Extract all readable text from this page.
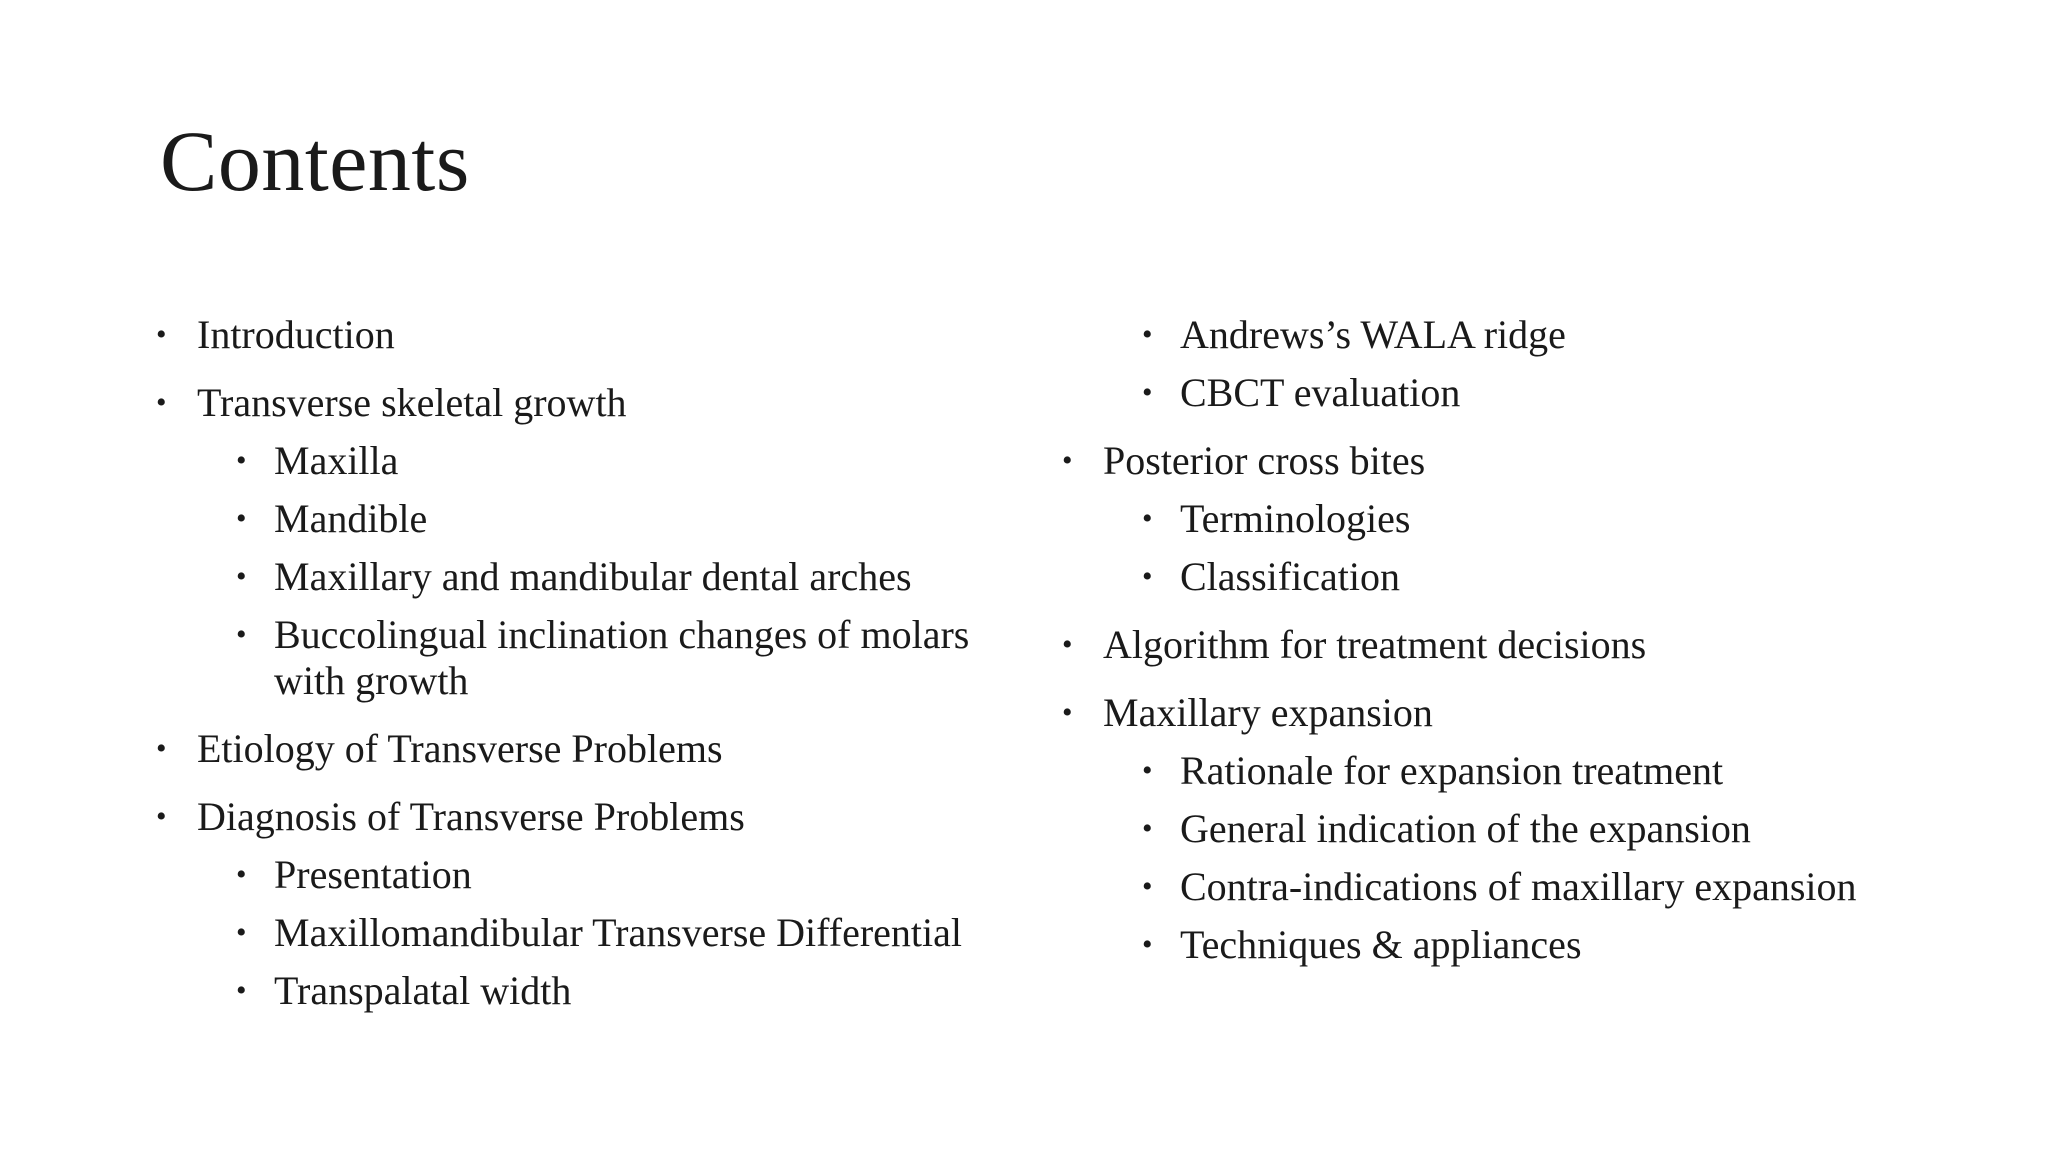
Contents
• Introduction
• Transverse skeletal growth
• Maxilla
• Mandible
• Maxillary and mandibular dental arches
• Buccolingual inclination changes of molars with growth
• Etiology of Transverse Problems
• Diagnosis of Transverse Problems
• Presentation
• Maxillomandibular Transverse Differential
• Transpalatal width
• Andrews’s WALA ridge
• CBCT evaluation
• Posterior cross bites
• Terminologies
• Classification
• Algorithm for treatment decisions
• Maxillary expansion
• Rationale for expansion treatment
• General indication of the expansion
• Contra-indications of maxillary expansion
• Techniques & appliances
